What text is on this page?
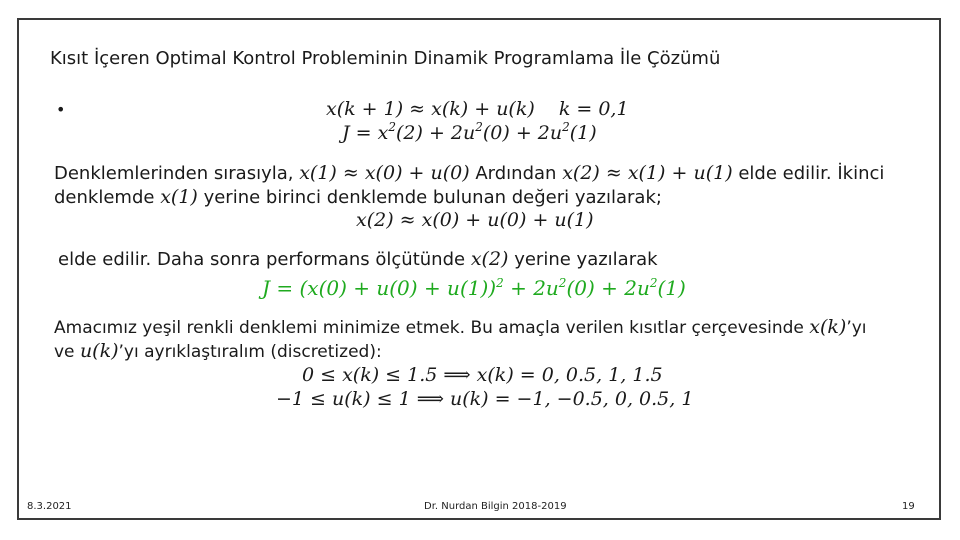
Kısıt İçeren Optimal Kontrol Probleminin Dinamik Programlama İle Çözümü
•	x(k + 1) ≈ x(k) + u(k) k = 0,1
$J = x^2(2) + 2u^2(0) + 2u^2(1)$
Denklemlerinden sırasıyla, x(1) ≈ x(0) + u(0) Ardından x(2) ≈ x(1) + u(1) elde edilir. İkinci
denklemde x(1) yerine birinci denklemde bulunan değeri yazılarak;
x(2) ≈ x(0) + u(0) + u(1)
elde edilir. Daha sonra performans ölçütünde x(2) yerine yazılarak
$J = (x(0) + u(0) + u(1))^2 + 2u^2(0) + 2u^2(1)$
Amacımız yeşil renkli denklemi minimize etmek. Bu amaçla verilen kısıtlar çerçevesinde x(k)’yı
ve u(k)’yı ayrıklaştıralım (discretized):
0 ≤ x(k) ≤ 1.5 ⟹ x(k) = 0, 0.5, 1, 1.5
−1 ≤ u(k) ≤ 1 ⟹ u(k) = −1, −0.5, 0, 0.5, 1
8.3.2021	Dr. Nurdan Bilgin 2018-2019	19
